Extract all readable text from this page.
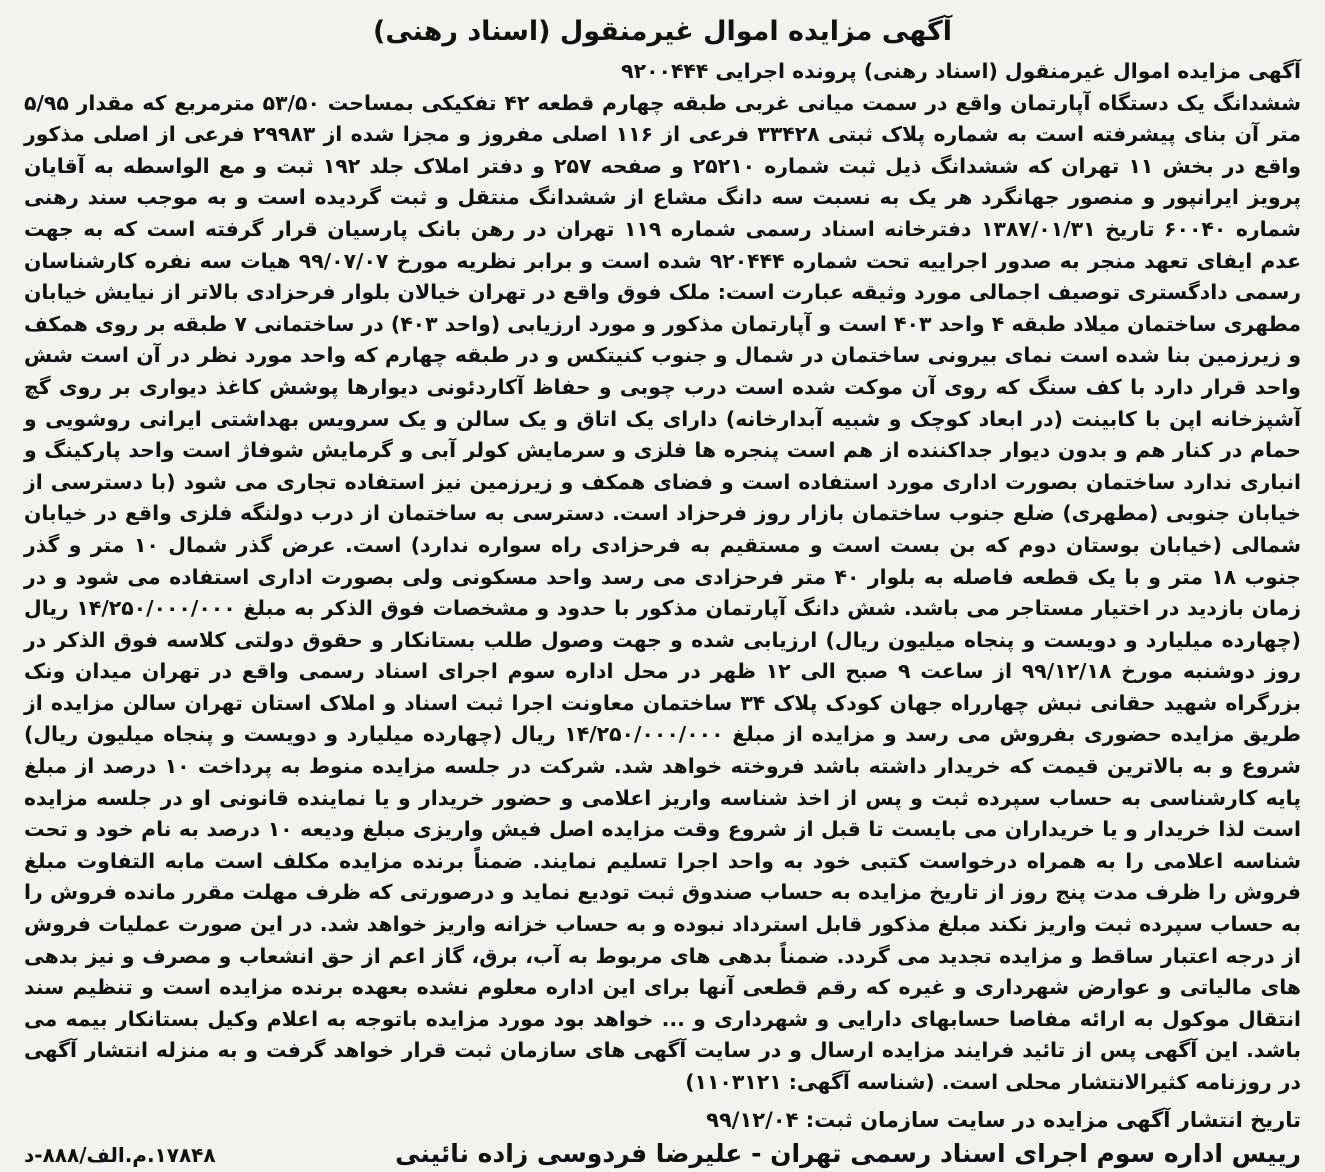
آگهی مزایده اموال غیرمنقول (اسناد رهنی)

آگهی مزایده اموال غیرمنقول (اسناد رهنی) پرونده اجرایی ۹۲۰۰۴۴۴
ششدانگ یک دستگاه آپارتمان واقع در سمت میانی غربی طبقه چهارم قطعه ۴۲ تفکیکی بمساحت ۵۳/۵۰ مترمربع که مقدار ۵/۹۵ متر آن بنای پیشرفته است به شماره پلاک ثبتی ۳۳۴۲۸ فرعی از ۱۱۶ اصلی مفروز و مجزا شده از ۲۹۹۸۳ فرعی از اصلی مذکور واقع در بخش ۱۱ تهران که ششدانگ ذیل ثبت شماره ۲۵۲۱۰ و صفحه ۲۵۷ و دفتر املاک جلد ۱۹۲ ثبت و مع الواسطه به آقایان پرویز ایرانپور و منصور جهانگرد هر یک به نسبت سه دانگ مشاع از ششدانگ منتقل و ثبت گردیده است و به موجب سند رهنی شماره ۶۰۰۴۰ تاریخ ۱۳۸۷/۰۱/۳۱ دفترخانه اسناد رسمی شماره ۱۱۹ تهران در رهن بانک پارسیان قرار گرفته است که به جهت عدم ایفای تعهد منجر به صدور اجراییه تحت شماره ۹۲۰۴۴۴ شده است و برابر نظریه مورخ ۹۹/۰۷/۰۷ هیات سه نفره کارشناسان رسمی دادگستری توصیف اجمالی مورد وثیقه عبارت است: ملک فوق واقع در تهران خیالان بلوار فرحزادی بالاتر از نیایش خیابان مطهری ساختمان میلاد طبقه ۴ واحد ۴۰۳ است و آپارتمان مذکور و مورد ارزیابی (واحد ۴۰۳) در ساختمانی ۷ طبقه بر روی همکف و زیرزمین بنا شده است نمای بیرونی ساختمان در شمال و جنوب کنیتکس و در طبقه چهارم که واحد مورد نظر در آن است شش واحد قرار دارد با کف سنگ که روی آن موکت شده است درب چوبی و حفاظ آکاردئونی دیوارها پوشش کاغذ دیواری بر روی گچ آشپزخانه اپن با کابینت (در ابعاد کوچک و شبیه آبدارخانه) دارای یک اتاق و یک سالن و یک سرویس بهداشتی ایرانی روشویی و حمام در کنار هم و بدون دیوار جداکننده از هم است پنجره ها فلزی و سرمایش کولر آبی و گرمایش شوفاژ است واحد پارکینگ و انباری ندارد ساختمان بصورت اداری مورد استفاده است و فضای همکف و زیرزمین نیز استفاده تجاری می شود (با دسترسی از خیابان جنوبی (مطهری) ضلع جنوب ساختمان بازار روز فرحزاد است. دسترسی به ساختمان از درب دولنگه فلزی واقع در خیابان شمالی (خیابان بوستان دوم که بن بست است و مستقیم به فرحزادی راه سواره ندارد) است. عرض گذر شمال ۱۰ متر و گذر جنوب ۱۸ متر و با یک قطعه فاصله به بلوار ۴۰ متر فرحزادی می رسد واحد مسکونی ولی بصورت اداری استفاده می شود و در زمان بازدید در اختیار مستاجر می باشد. شش دانگ آپارتمان مذکور با حدود و مشخصات فوق الذکر به مبلغ ۱۴/۲۵۰/۰۰۰/۰۰۰ ریال (چهارده میلیارد و دویست و پنجاه میلیون ریال) ارزیابی شده و جهت وصول طلب بستانکار و حقوق دولتی کلاسه فوق الذکر در روز دوشنبه مورخ ۹۹/۱۲/۱۸ از ساعت ۹ صبح الی ۱۲ ظهر در محل اداره سوم اجرای اسناد رسمی واقع در تهران میدان ونک بزرگراه شهید حقانی نبش چهارراه جهان کودک پلاک ۳۴ ساختمان معاونت اجرا ثبت اسناد و املاک استان تهران سالن مزایده از طریق مزایده حضوری بفروش می رسد و مزایده از مبلغ ۱۴/۲۵۰/۰۰۰/۰۰۰ ریال (چهارده میلیارد و دویست و پنجاه میلیون ریال) شروع و به بالاترین قیمت که خریدار داشته باشد فروخته خواهد شد. شرکت در جلسه مزایده منوط به پرداخت ۱۰ درصد از مبلغ پایه کارشناسی به حساب سپرده ثبت و پس از اخذ شناسه واریز اعلامی و حضور خریدار و یا نماینده قانونی او در جلسه مزایده است لذا خریدار و یا خریداران می بایست تا قبل از شروع وقت مزایده اصل فیش واریزی مبلغ ودیعه ۱۰ درصد به نام خود و تحت شناسه اعلامی را به همراه درخواست کتبی خود به واحد اجرا تسلیم نمایند. ضمناً برنده مزایده مکلف است مابه التفاوت مبلغ فروش را ظرف مدت پنج روز از تاریخ مزایده به حساب صندوق ثبت تودیع نماید و درصورتی که ظرف مهلت مقرر مانده فروش را به حساب سپرده ثبت واریز نکند مبلغ مذکور قابل استرداد نبوده و به حساب خزانه واریز خواهد شد. در این صورت عملیات فروش از درجه اعتبار ساقط و مزایده تجدید می گردد. ضمناً بدهی های مربوط به آب، برق، گاز اعم از حق انشعاب و مصرف و نیز بدهی های مالیاتی و عوارض شهرداری و غیره که رقم قطعی آنها برای این اداره معلوم نشده بعهده برنده مزایده است و تنظیم سند انتقال موکول به ارائه مفاصا حسابهای دارایی و شهرداری و ... خواهد بود مورد مزایده باتوجه به اعلام وکیل بستانکار بیمه می باشد. این آگهی پس از تائید فرایند مزایده ارسال و در سایت آگهی های سازمان ثبت قرار خواهد گرفت و به منزله انتشار آگهی در روزنامه کثیرالانتشار محلی است. (شناسه آگهی: ۱۱۰۳۱۲۱)

تاریخ انتشار آگهی مزایده در سایت سازمان ثبت: ۹۹/۱۲/۰۴
رییس اداره سوم اجرای اسناد رسمی تهران - علیرضا فردوسی زاده نائینی
۱۷۸۴۸.م.الف/۸۸۸-د
